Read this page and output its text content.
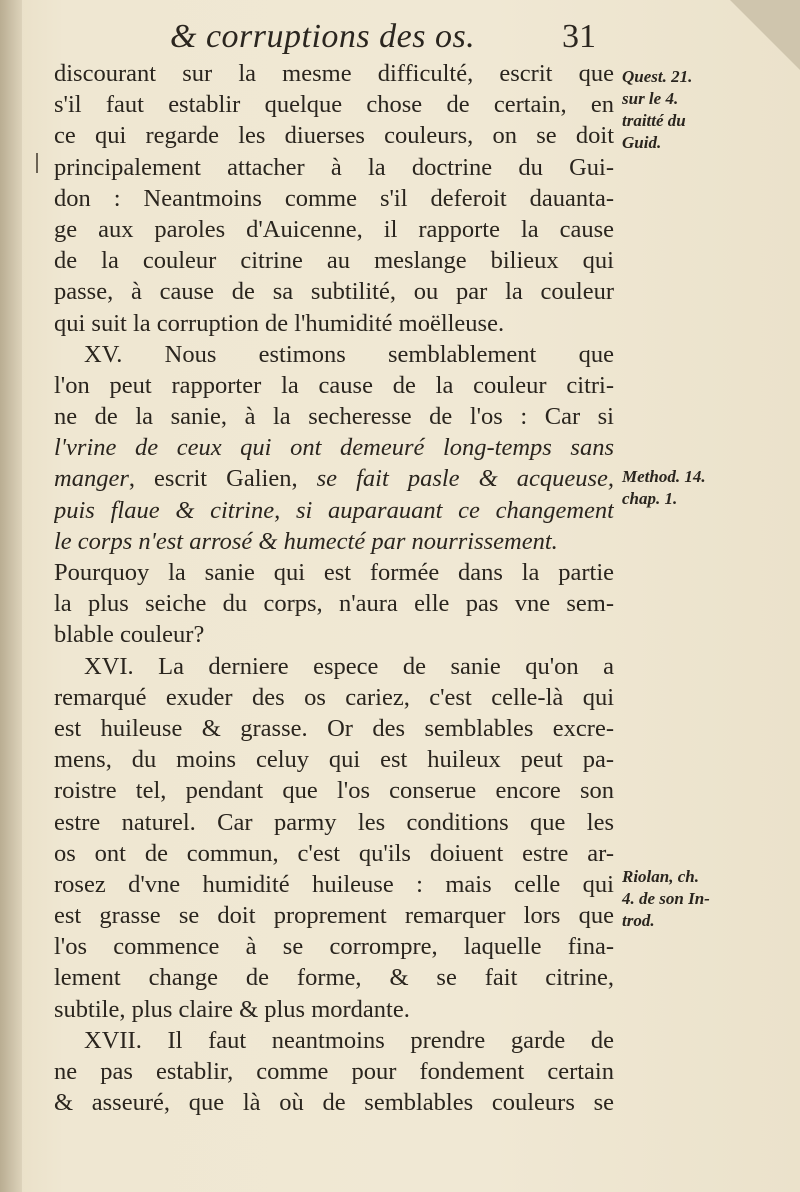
& corruptions des os.	31
discourant sur la mesme difficulté, escrit que
s'il faut establir quelque chose de certain, en
ce qui regarde les diuerses couleurs, on se doit
principalement attacher à la doctrine du Gui-
don : Neantmoins comme s'il deferoit dauanta-
ge aux paroles d'Auicenne, il rapporte la cause
de la couleur citrine au meslange bilieux qui
passe, à cause de sa subtilité, ou par la couleur
qui suit la corruption de l'humidité moëlleuse.
XV. Nous estimons semblablement que
l'on peut rapporter la cause de la couleur citri-
ne de la sanie, à la secheresse de l'os : Car si
l'vrine de ceux qui ont demeuré long-temps sans
manger, escrit Galien, se fait pasle & acqueuse,
puis flaue & citrine, si auparauant ce changement
le corps n'est arrosé & humecté par nourrissement.
Pourquoy la sanie qui est formée dans la partie
la plus seiche du corps, n'aura elle pas vne sem-
blable couleur?
XVI. La derniere espece de sanie qu'on a
remarqué exuder des os cariez, c'est celle-là qui
est huileuse & grasse. Or des semblables excre-
mens, du moins celuy qui est huileux peut pa-
roistre tel, pendant que l'os conserue encore son
estre naturel. Car parmy les conditions que les
os ont de commun, c'est qu'ils doiuent estre ar-
rosez d'vne humidité huileuse : mais celle qui
est grasse se doit proprement remarquer lors que
l'os commence à se corrompre, laquelle fina-
lement change de forme, & se fait citrine,
subtile, plus claire & plus mordante.
XVII. Il faut neantmoins prendre garde de
ne pas establir, comme pour fondement certain
& asseuré, que là où de semblables couleurs se
Quest. 21.
sur le 4.
traitté du
Guid.
Method. 14.
chap. 1.
Riolan, ch.
4. de son In-
trod.
